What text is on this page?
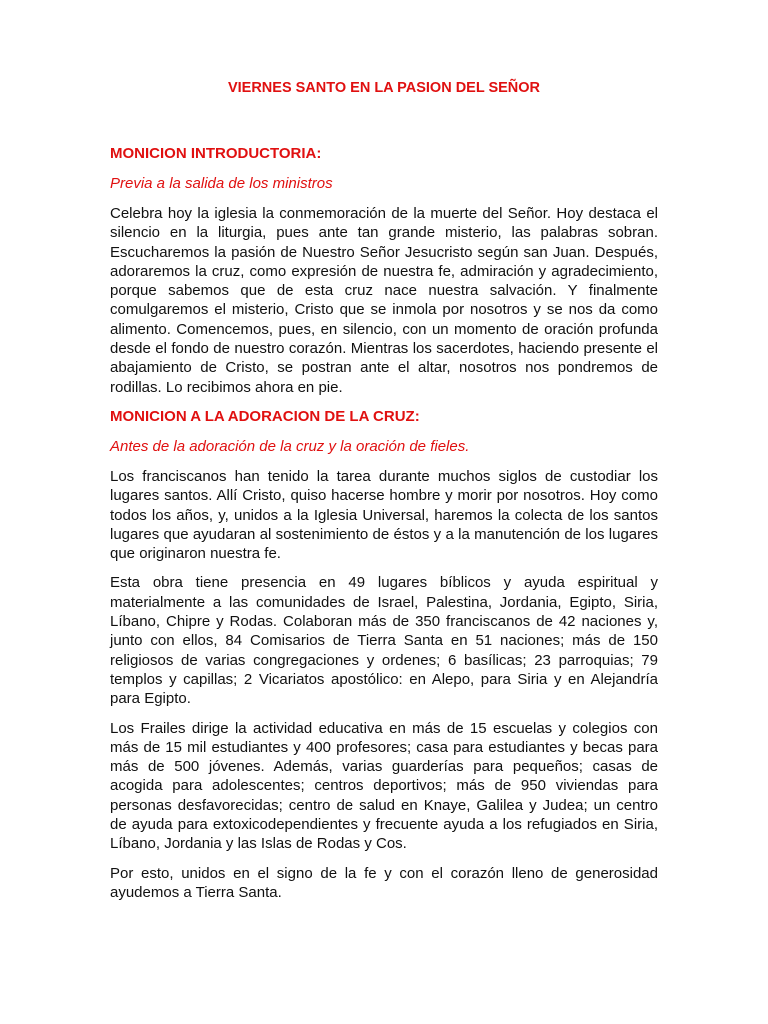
VIERNES SANTO EN LA PASION DEL SEÑOR
MONICION INTRODUCTORIA:

Previa a la salida de los ministros

Celebra hoy la iglesia la conmemoración de la muerte del Señor. Hoy destaca el silencio en la liturgia, pues ante tan grande misterio, las palabras sobran. Escucharemos la pasión de Nuestro Señor Jesucristo según san Juan. Después, adoraremos la cruz, como expresión de nuestra fe, admiración y agradecimiento, porque sabemos que de esta cruz nace nuestra salvación. Y finalmente comulgaremos el misterio, Cristo que se inmola por nosotros y se nos da como alimento. Comencemos, pues, en silencio, con un momento de oración profunda desde el fondo de nuestro corazón. Mientras los sacerdotes, haciendo presente el abajamiento de Cristo, se postran ante el altar, nosotros nos pondremos de rodillas. Lo recibimos ahora en pie.

MONICION A LA ADORACION DE LA CRUZ:

Antes de la adoración de la cruz y la oración de fieles.

Los franciscanos han tenido la tarea durante muchos siglos de custodiar los lugares santos. Allí Cristo, quiso hacerse hombre y morir por nosotros. Hoy como todos los años, y, unidos a la Iglesia Universal, haremos la colecta de los santos lugares que ayudaran al sostenimiento de éstos y a la manutención de los lugares que originaron nuestra fe.

Esta obra tiene presencia en 49 lugares bíblicos y ayuda espiritual y materialmente a las comunidades de Israel, Palestina, Jordania, Egipto, Siria, Líbano, Chipre y Rodas. Colaboran más de 350 franciscanos de 42 naciones y, junto con ellos, 84 Comisarios de Tierra Santa en 51 naciones; más de 150 religiosos de varias congregaciones y ordenes; 6 basílicas; 23 parroquias; 79 templos y capillas; 2 Vicariatos apostólico: en Alepo, para Siria y en Alejandría para Egipto.

Los Frailes dirige la actividad educativa en más de 15 escuelas y colegios con más de 15 mil estudiantes y 400 profesores; casa para estudiantes y becas para más de 500 jóvenes. Además, varias guarderías para pequeños; casas de acogida para adolescentes; centros deportivos; más de 950 viviendas para personas desfavorecidas; centro de salud en Knaye, Galilea y Judea; un centro de ayuda para extoxicodependientes y frecuente ayuda a los refugiados en Siria, Líbano, Jordania y las Islas de Rodas y Cos.

Por esto, unidos en el signo de la fe y con el corazón lleno de generosidad ayudemos a Tierra Santa.
